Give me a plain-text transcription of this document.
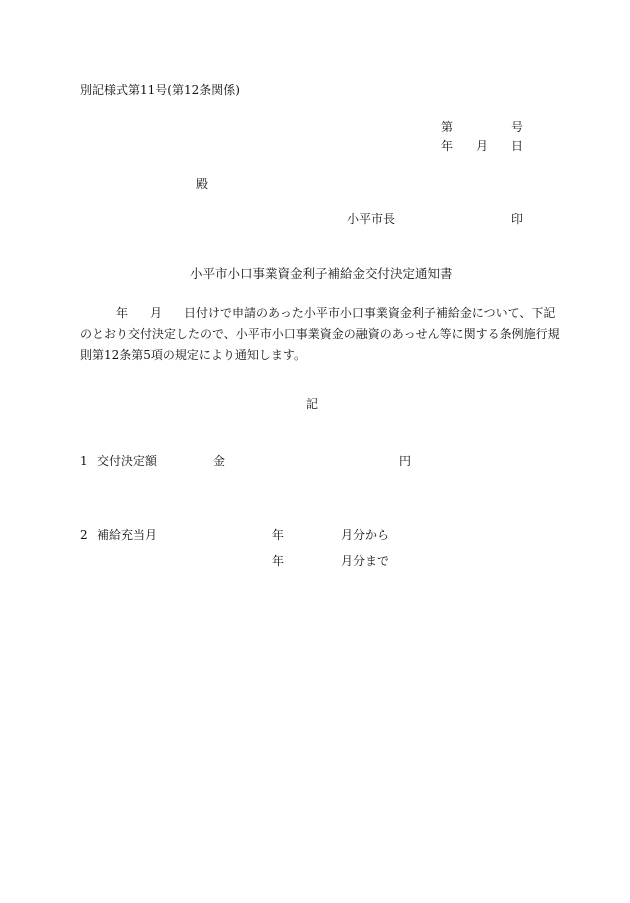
別記様式第11号(第12条関係)
第	号
年 月 日
殿
小平市長	印
小平市小口事業資金利子補給金交付決定通知書
年 月 日付けで申請のあった小平市小口事業資金利子補給金について、下記
のとおり交付決定したので、小平市小口事業資金の融資のあっせん等に関する条例施行規
則第12条第5項の規定により通知します。
記
1 交付決定額	金	円
2 補給充当月	年	月分から
年	月分まで
